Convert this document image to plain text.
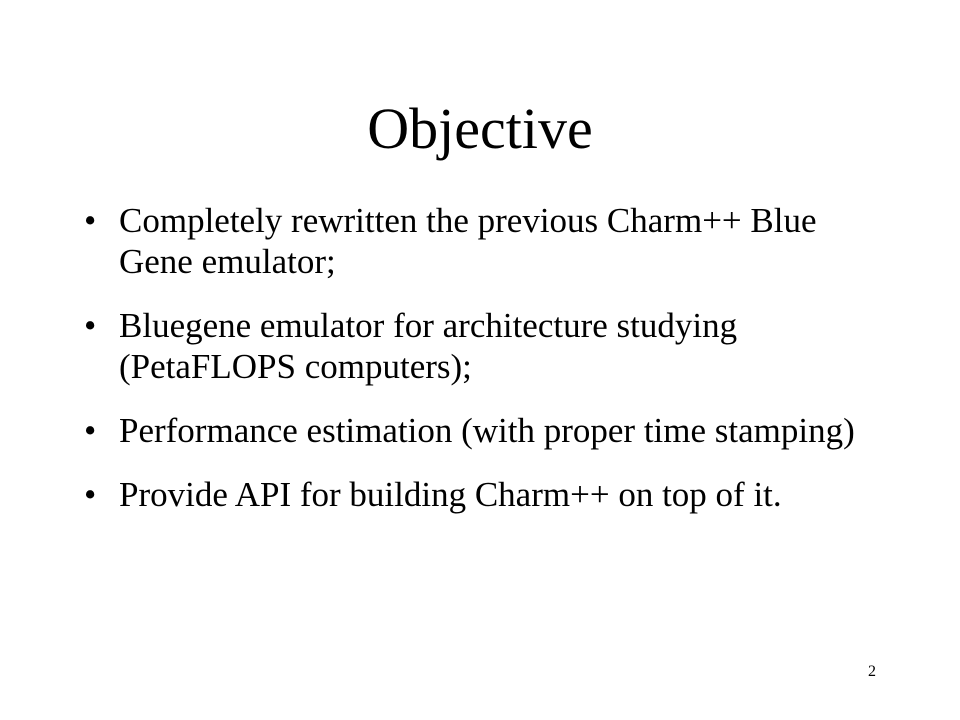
Objective
• Completely rewritten the previous Charm++ Blue Gene emulator;
• Bluegene emulator for architecture studying (PetaFLOPS computers);
• Performance estimation (with proper time stamping)
• Provide API for building Charm++ on top of it.
2
